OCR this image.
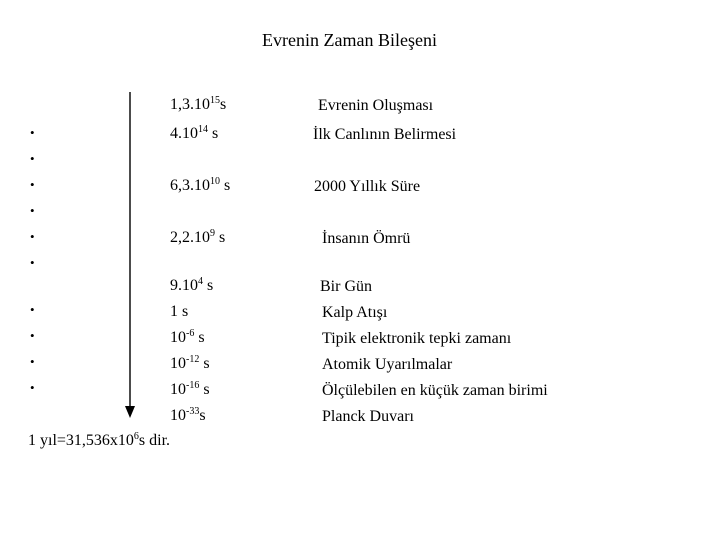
Evrenin Zaman Bileşeni
•
•
•
•
•
•
•
•
•
•
1,3.10$^{15}$s
4.10$^{14}$ s
6,3.10$^{10}$ s
2,2.10$^9$ s
9.10$^4$ s
1 s
$10^{-6}$ s
$10^{-12}$ s
$10^{-16}$ s
$10^{-33}s$
Evrenin Oluşması
İlk Canlının Belirmesi
2000 Yıllık Süre
İnsanın Ömrü
Bir Gün
Kalp Atışı
Tipik elektronik tepki zamanı
Atomik Uyarılmalar
Ölçülebilen en küçük zaman birimi
Planck Duvarı
1 $yıl=31,536x10^6s$ dir.
